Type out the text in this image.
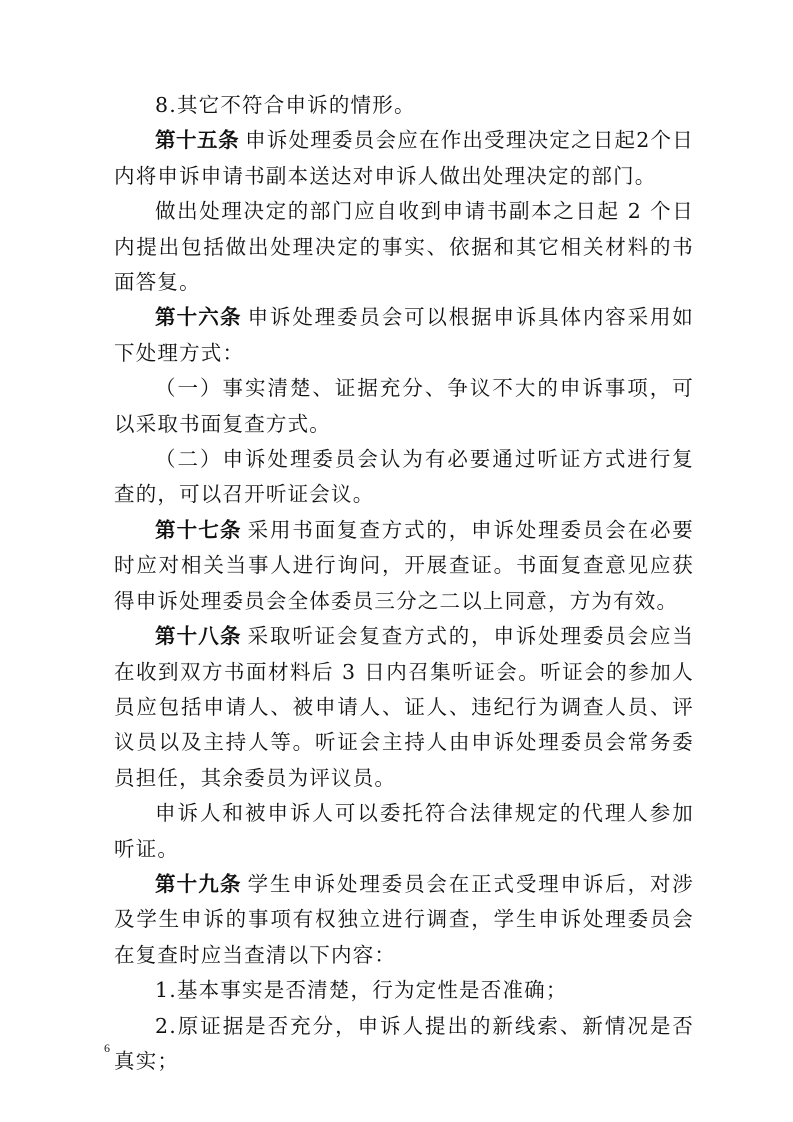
8.其它不符合申诉的情形。

第十五条 申诉处理委员会应在作出受理决定之日起2个日内将申诉申请书副本送达对申诉人做出处理决定的部门。

做出处理决定的部门应自收到申请书副本之日起 2 个日内提出包括做出处理决定的事实、依据和其它相关材料的书面答复。

第十六条 申诉处理委员会可以根据申诉具体内容采用如下处理方式：

（一）事实清楚、证据充分、争议不大的申诉事项，可以采取书面复查方式。

（二）申诉处理委员会认为有必要通过听证方式进行复查的，可以召开听证会议。

第十七条 采用书面复查方式的，申诉处理委员会在必要时应对相关当事人进行询问，开展查证。书面复查意见应获得申诉处理委员会全体委员三分之二以上同意，方为有效。

第十八条 采取听证会复查方式的，申诉处理委员会应当在收到双方书面材料后 3 日内召集听证会。听证会的参加人员应包括申请人、被申请人、证人、违纪行为调查人员、评议员以及主持人等。听证会主持人由申诉处理委员会常务委员担任，其余委员为评议员。

申诉人和被申诉人可以委托符合法律规定的代理人参加听证。

第十九条 学生申诉处理委员会在正式受理申诉后，对涉及学生申诉的事项有权独立进行调查，学生申诉处理委员会在复查时应当查清以下内容：

1.基本事实是否清楚，行为定性是否准确；

2.原证据是否充分，申诉人提出的新线索、新情况是否真实；

6
